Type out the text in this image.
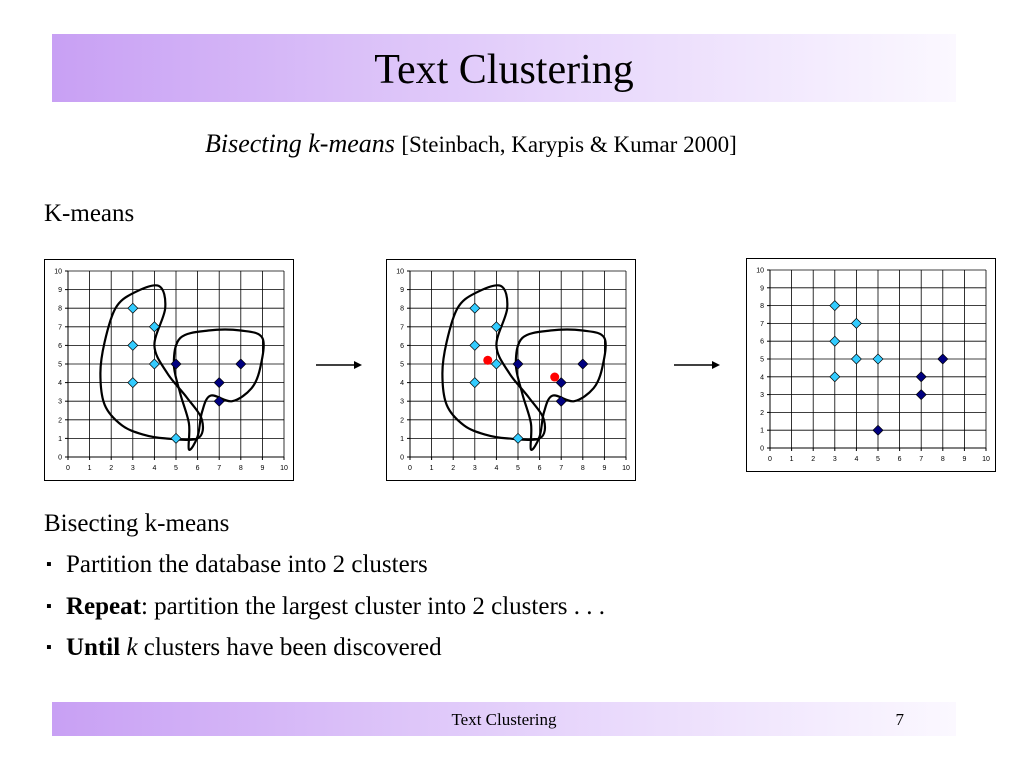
Text Clustering
Bisecting k-means [Steinbach, Karypis & Kumar 2000]
K-means
0	1	2	3	4	5	6	7	8	9 10
0
1
2
3
4
5
6
7
8
9
10
0	1	2	3	4	5	6	7	8	9 10
0
1
2
3
4
5
6
7
8
9
10
0	1	2	3	4	5	6	7	8	9 10
0
1
2
3
4
5
6
7
8
9
10
Bisecting k-means
▪ Partition the database into 2 clusters
▪ Repeat: partition the largest cluster into 2 clusters . . .
▪ Until k clusters have been discovered
Text Clustering	7
